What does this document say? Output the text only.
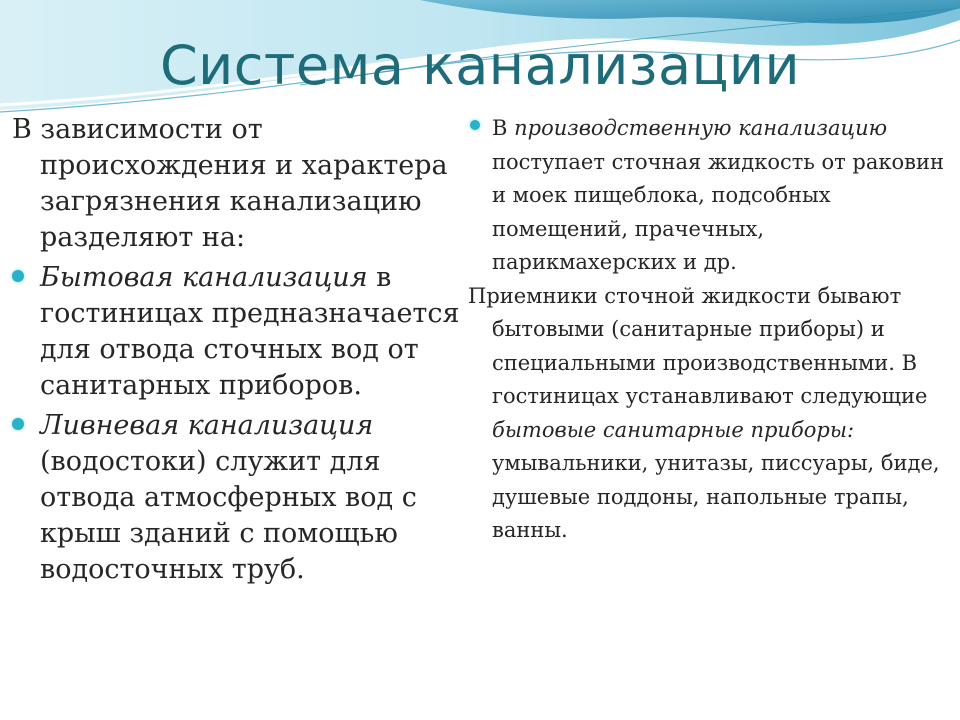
Система канализации

В зависимости от происхождения и характера загрязнения канализацию разделяют на:

Бытовая канализация в гостиницах предназначается для отвода сточных вод от санитарных приборов.

Ливневая канализация (водостоки) служит для отвода атмосферных вод с крыш зданий с помощью водосточных труб.

В производственную канализацию поступает сточная жидкость от раковин и моек пищеблока, подсобных помещений, прачечных, парикмахерских и др.

Приемники сточной жидкости бывают бытовыми (санитарные приборы) и специальными производственными. В гостиницах устанавливают следующие бытовые санитарные приборы: умывальники, унитазы, писсуары, биде, душевые поддоны, напольные трапы, ванны.
